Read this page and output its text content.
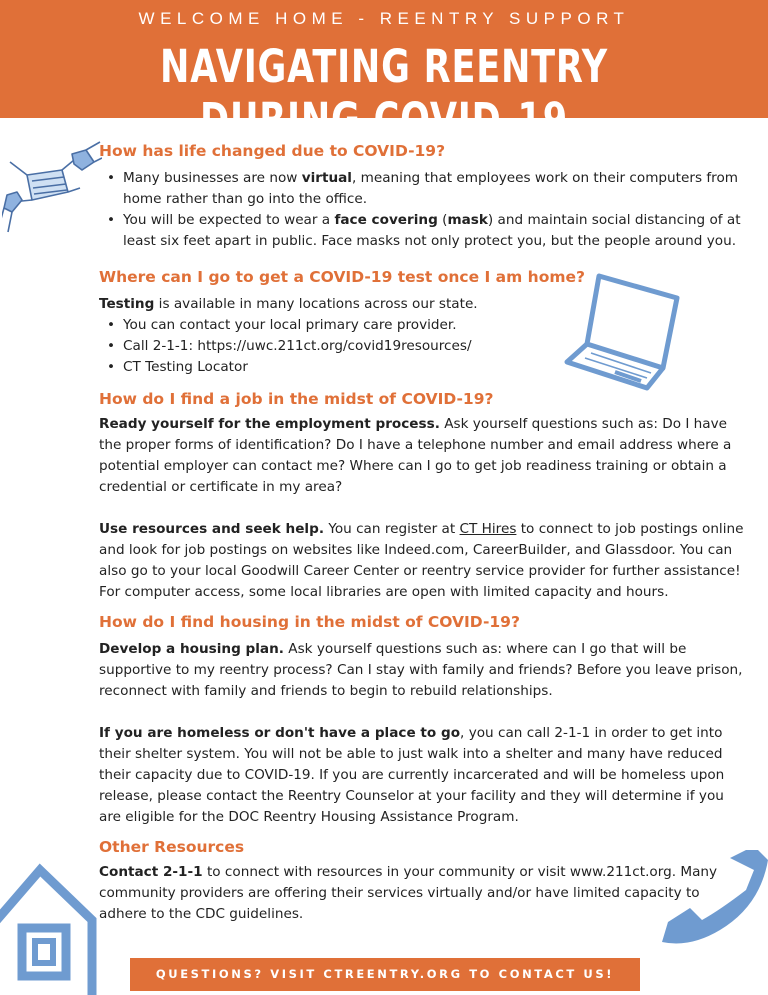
WELCOME HOME - REENTRY SUPPORT
NAVIGATING REENTRY DURING COVID-19
How has life changed due to COVID-19?
• Many businesses are now virtual, meaning that employees work on their computers from home rather than go into the office.
• You will be expected to wear a face covering (mask) and maintain social distancing of at least six feet apart in public. Face masks not only protect you, but the people around you.
Where can I go to get a COVID-19 test once I am home?

Testing is available in many locations across our state.

• You can contact your local primary care provider.
• Call 2-1-1: https://uwc.211ct.org/covid19resources/
• CT Testing Locator
How do I find a job in the midst of COVID-19?

Ready yourself for the employment process. Ask yourself questions such as: Do I have the proper forms of identification? Do I have a telephone number and email address where a potential employer can contact me? Where can I go to get job readiness training or obtain a credential or certificate in my area?

Use resources and seek help. You can register at CT Hires to connect to job postings online and look for job postings on websites like Indeed.com, CareerBuilder, and Glassdoor. You can also go to your local Goodwill Career Center or reentry service provider for further assistance! For computer access, some local libraries are open with limited capacity and hours.

How do I find housing in the midst of COVID-19?

Develop a housing plan. Ask yourself questions such as: where can I go that will be supportive to my reentry process? Can I stay with family and friends? Before you leave prison, reconnect with family and friends to begin to rebuild relationships.

If you are homeless or don't have a place to go, you can call 2-1-1 in order to get into their shelter system. You will not be able to just walk into a shelter and many have reduced their capacity due to COVID-19. If you are currently incarcerated and will be homeless upon release, please contact the Reentry Counselor at your facility and they will determine if you are eligible for the DOC Reentry Housing Assistance Program.

Other Resources

Contact 2-1-1 to connect with resources in your community or visit www.211ct.org. Many community providers are offering their services virtually and/or have limited capacity to adhere to the CDC guidelines.

QUESTIONS? VISIT CTREENTRY.ORG TO CONTACT US!
